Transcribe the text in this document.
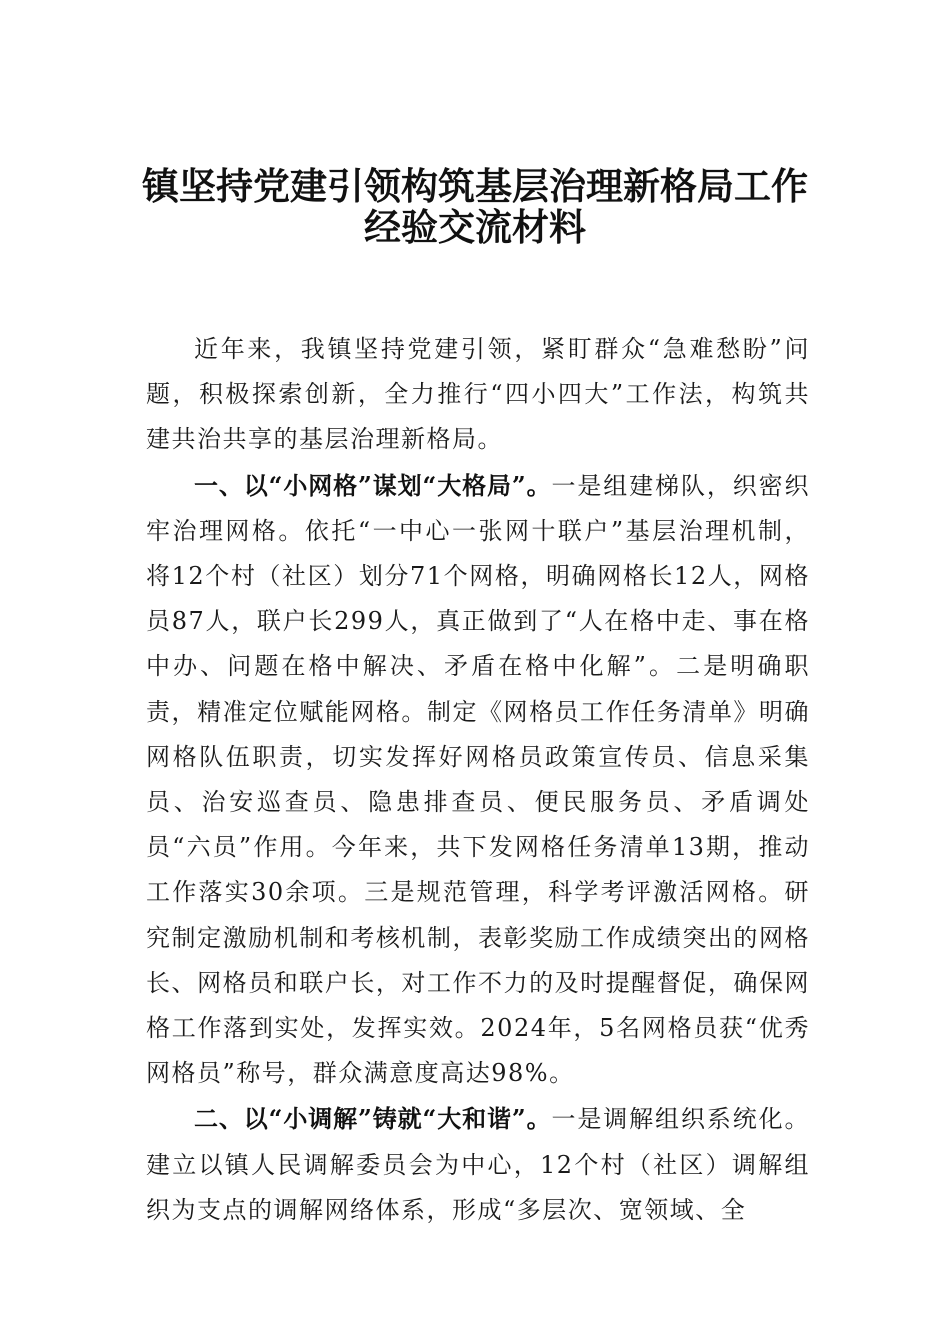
镇坚持党建引领构筑基层治理新格局工作
经验交流材料

近年来，我镇坚持党建引领，紧盯群众“急难愁盼”问题，积极探索创新，全力推行“四小四大”工作法，构筑共建共治共享的基层治理新格局。

一、以“小网格”谋划“大格局”。一是组建梯队，织密织牢治理网格。依托“一中心一张网十联户”基层治理机制，将12个村（社区）划分71个网格，明确网格长12人，网格员87人，联户长299人，真正做到了“人在格中走、事在格中办、问题在格中解决、矛盾在格中化解”。二是明确职责，精准定位赋能网格。制定《网格员工作任务清单》明确网格队伍职责，切实发挥好网格员政策宣传员、信息采集员、治安巡查员、隐患排查员、便民服务员、矛盾调处员“六员”作用。今年来，共下发网格任务清单13期，推动工作落实30余项。三是规范管理，科学考评激活网格。研究制定激励机制和考核机制，表彰奖励工作成绩突出的网格长、网格员和联户长，对工作不力的及时提醒督促，确保网格工作落到实处，发挥实效。2024年，5名网格员获“优秀网格员”称号，群众满意度高达98%。

二、以“小调解”铸就“大和谐”。一是调解组织系统化。建立以镇人民调解委员会为中心，12个村（社区）调解组织为支点的调解网络体系，形成“多层次、宽领域、全
